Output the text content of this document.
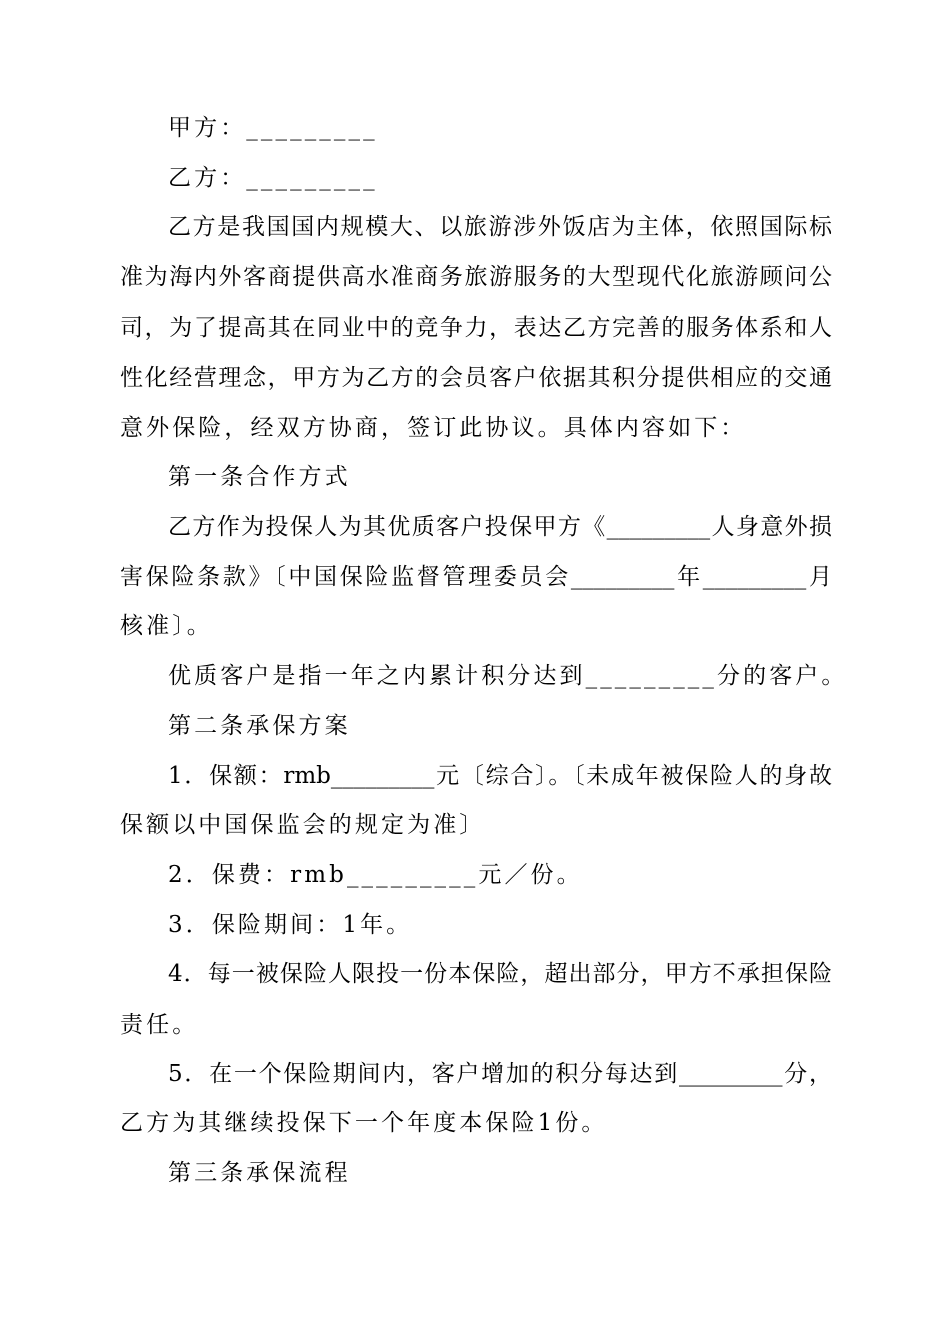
甲方：_________
乙方：_________
乙方是我国国内规模大、以旅游涉外饭店为主体，依照国际标
准为海内外客商提供高水准商务旅游服务的大型现代化旅游顾问公
司，为了提高其在同业中的竞争力，表达乙方完善的服务体系和人
性化经营理念，甲方为乙方的会员客户依据其积分提供相应的交通
意外保险，经双方协商，签订此协议。具体内容如下：
第一条合作方式
乙方作为投保人为其优质客户投保甲方《_________人身意外损
害保险条款》〔中国保险监督管理委员会_________年_________月
核准〕。
优质客户是指一年之内累计积分达到_________分的客户。
第二条承保方案
1．保额：rmb_________元〔综合〕。〔未成年被保险人的身故
保额以中国保监会的规定为准〕
2．保费：rmb_________元／份。
3．保险期间：1年。
4．每一被保险人限投一份本保险，超出部分，甲方不承担保险
责任。
5．在一个保险期间内，客户增加的积分每达到_________分，
乙方为其继续投保下一个年度本保险1份。
第三条承保流程
